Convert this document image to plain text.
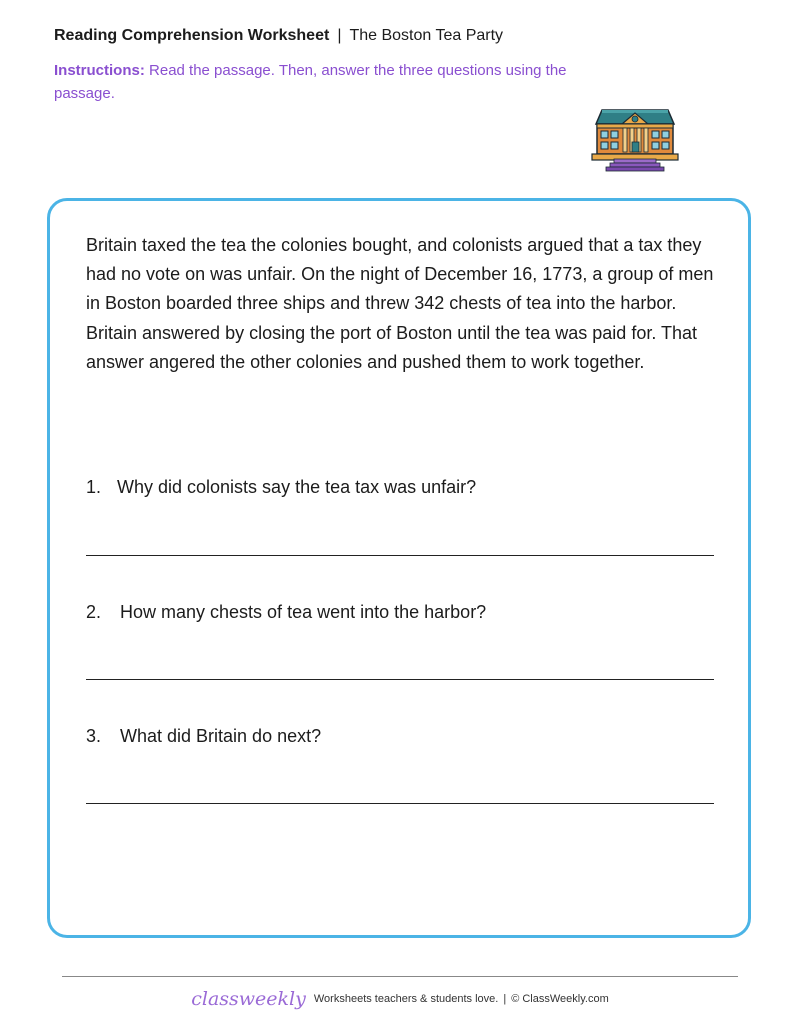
Reading Comprehension Worksheet | The Boston Tea Party
Instructions: Read the passage. Then, answer the three questions using the passage.

Britain taxed the tea the colonies bought, and colonists argued that a tax they had no vote on was unfair. On the night of December 16, 1773, a group of men in Boston boarded three ships and threw 342 chests of tea into the harbor. Britain answered by closing the port of Boston until the tea was paid for. That answer angered the other colonies and pushed them to work together.

1. Why did colonists say the tea tax was unfair?
2. How many chests of tea went into the harbor?
3. What did Britain do next?
classweekly Worksheets teachers & students love. | © ClassWeekly.com
